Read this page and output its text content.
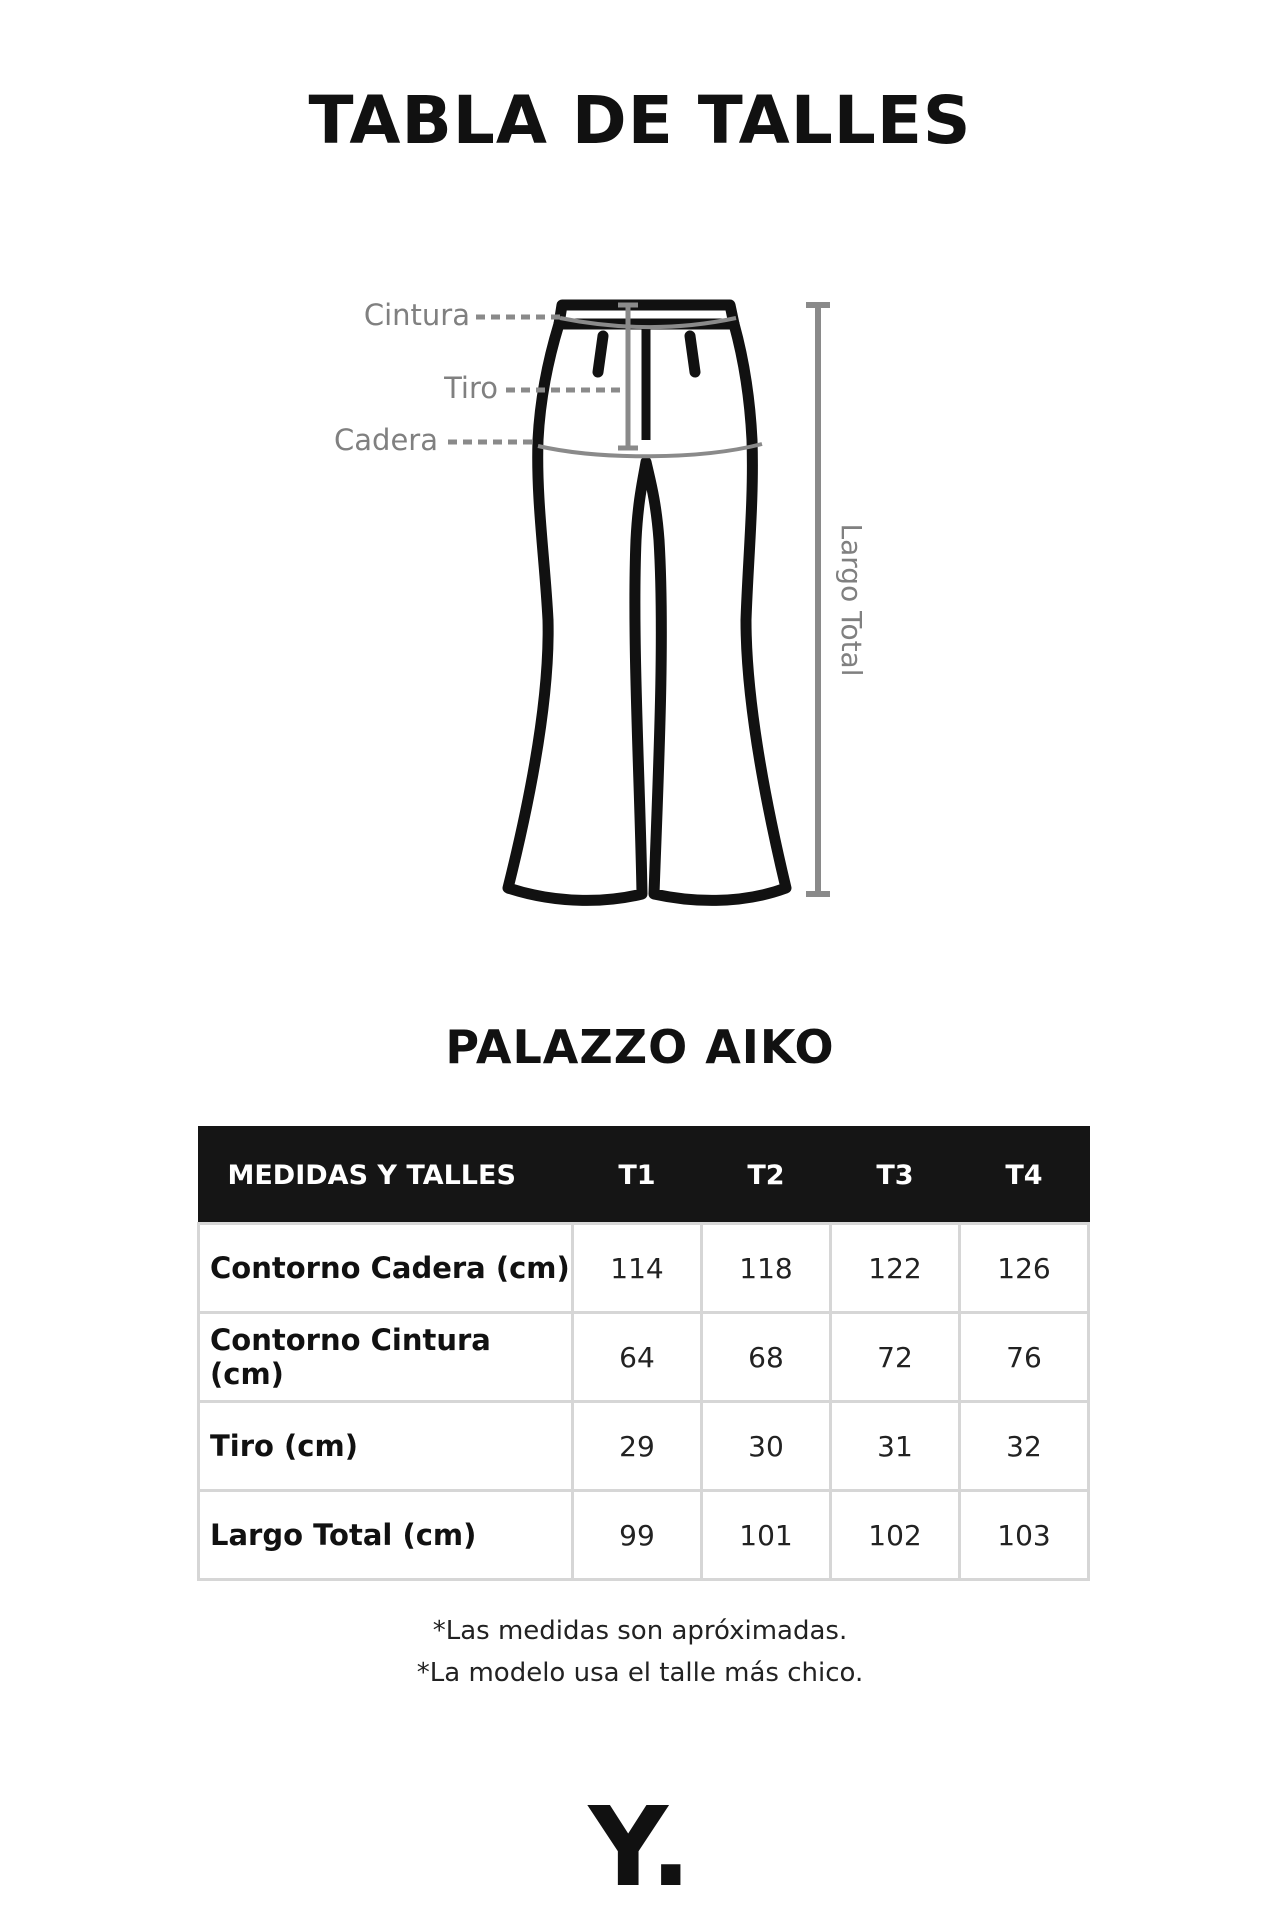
TABLA DE TALLES
Cintura
Tiro
Cadera
Largo Total
PALAZZO AIKO
MEDIDAS Y TALLES	T1	T2	T3	T4
Contorno Cadera (cm)	114	118	122	126
Contorno Cintura (cm)	64	68	72	76
Tiro (cm)	29	30	31	32
Largo Total (cm)	99	101	102	103
*Las medidas son apróximadas.
*La modelo usa el talle más chico.
Y.
